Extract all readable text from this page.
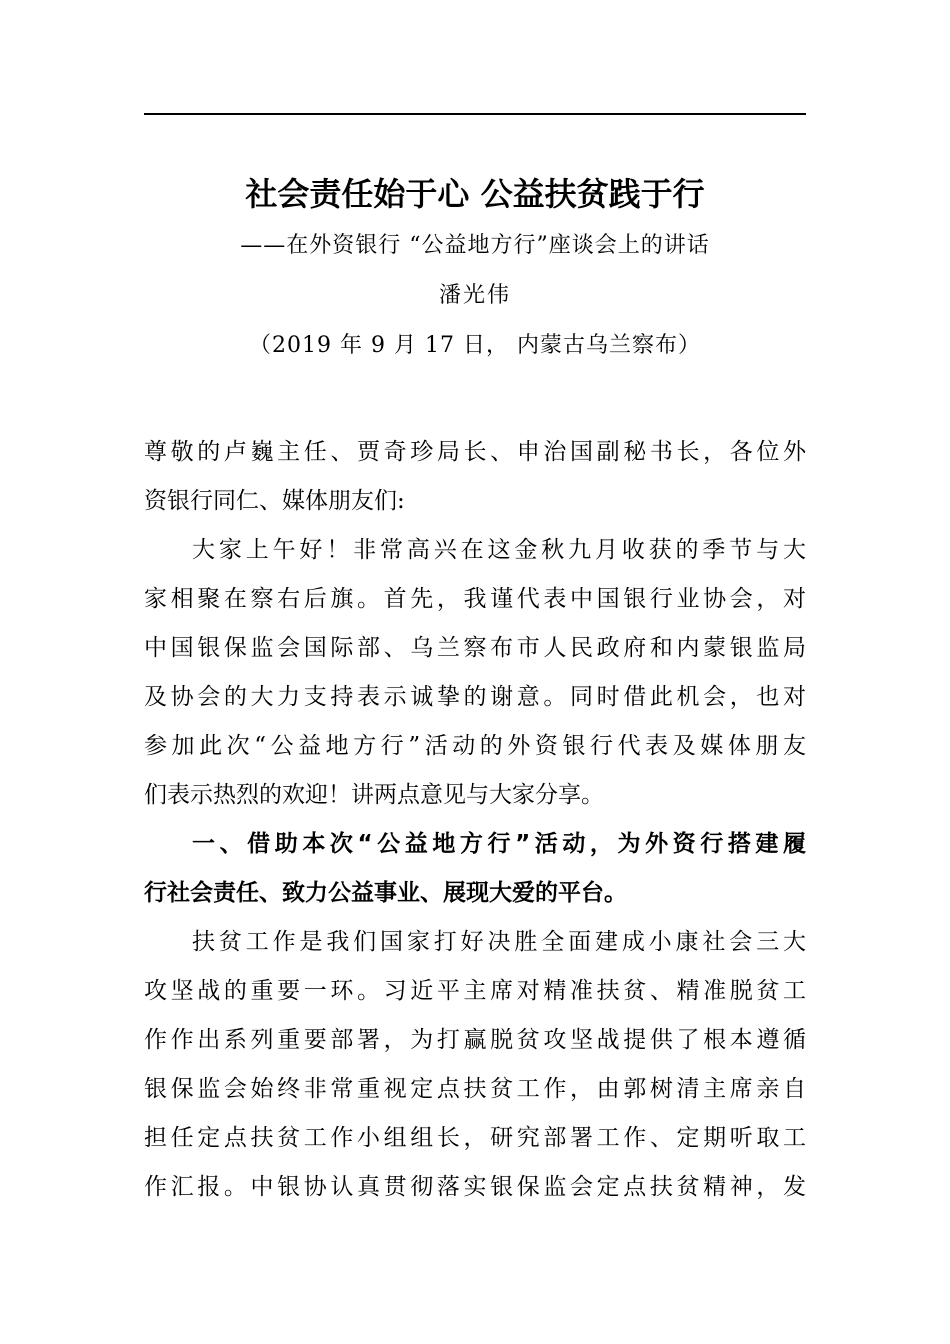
社会责任始于心 公益扶贫践于行
——在外资银行 “公益地方行”座谈会上的讲话
潘光伟
（2019 年 9 月 17 日， 内蒙古乌兰察布）
尊敬的卢巍主任、贾奇珍局长、申治国副秘书长，各位外
资银行同仁、媒体朋友们:
大家上午好！非常高兴在这金秋九月收获的季节与大
家相聚在察右后旗。首先，我谨代表中国银行业协会，对
中国银保监会国际部、乌兰察布市人民政府和内蒙银监局
及协会的大力支持表示诚挚的谢意。同时借此机会，也对
参加此次“公益地方行”活动的外资银行代表及媒体朋友
们表示热烈的欢迎！讲两点意见与大家分享。
一、借助本次“公益地方行”活动，为外资行搭建履
行社会责任、致力公益事业、展现大爱的平台。
扶贫工作是我们国家打好决胜全面建成小康社会三大
攻坚战的重要一环。习近平主席对精准扶贫、精准脱贫工
作作出系列重要部署，为打赢脱贫攻坚战提供了根本遵循
银保监会始终非常重视定点扶贫工作，由郭树清主席亲自
担任定点扶贫工作小组组长，研究部署工作、定期听取工
作汇报。中银协认真贯彻落实银保监会定点扶贫精神，发
